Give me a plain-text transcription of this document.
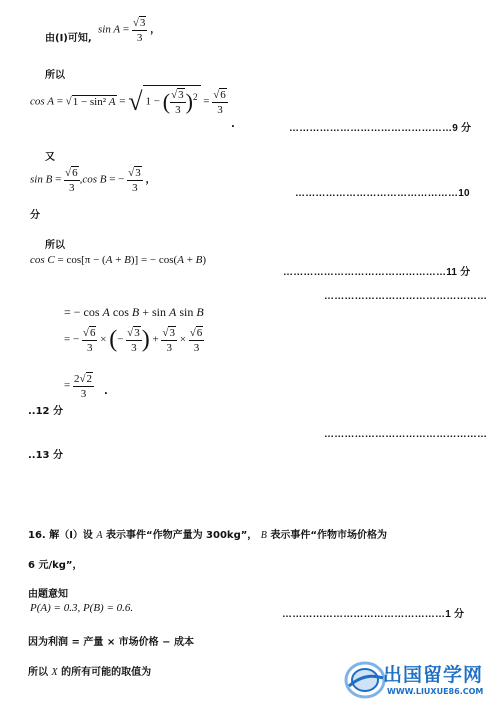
由(I)可知,
$\sin A = \frac{√3}{3}$ ，
所以
cos A = √1 − sin² A = √ 1 − ( $\frac{√3}{3} )^2 = \frac{√6}{3}$
.	…………………………………………9 分
又
$\sin B = \frac{√6}{3} ,\cos$ B = − $\frac{√3}{3}$ ，
…………………………………………10
分
所以
cos C = cos[π − (A + B)] = − cos(A + B)
…………………………………………11 分
…………………………………………
= − cos A cos B + sin A sin B
= − $\frac{√6}{3}$ × (− $\frac{√3}{3}$ ) + $\frac{√3}{3} \times \frac{√6}{3}$
= $\frac{2√2}{3}$ .
..12 分
…………………………………………
..13 分
16. 解（Ⅰ）设 A 表示事件“作物产量为 300kg”， B 表示事件“作物市场价格为
6 元/kg”，
由题意知
P(A) = 0.3, P(B) = 0.6.
…………………………………………1 分
因为利润 = 产量 × 市场价格 − 成本
所以 X 的所有可能的取值为	出国留学网
WWW.LIUXUE86.COM
